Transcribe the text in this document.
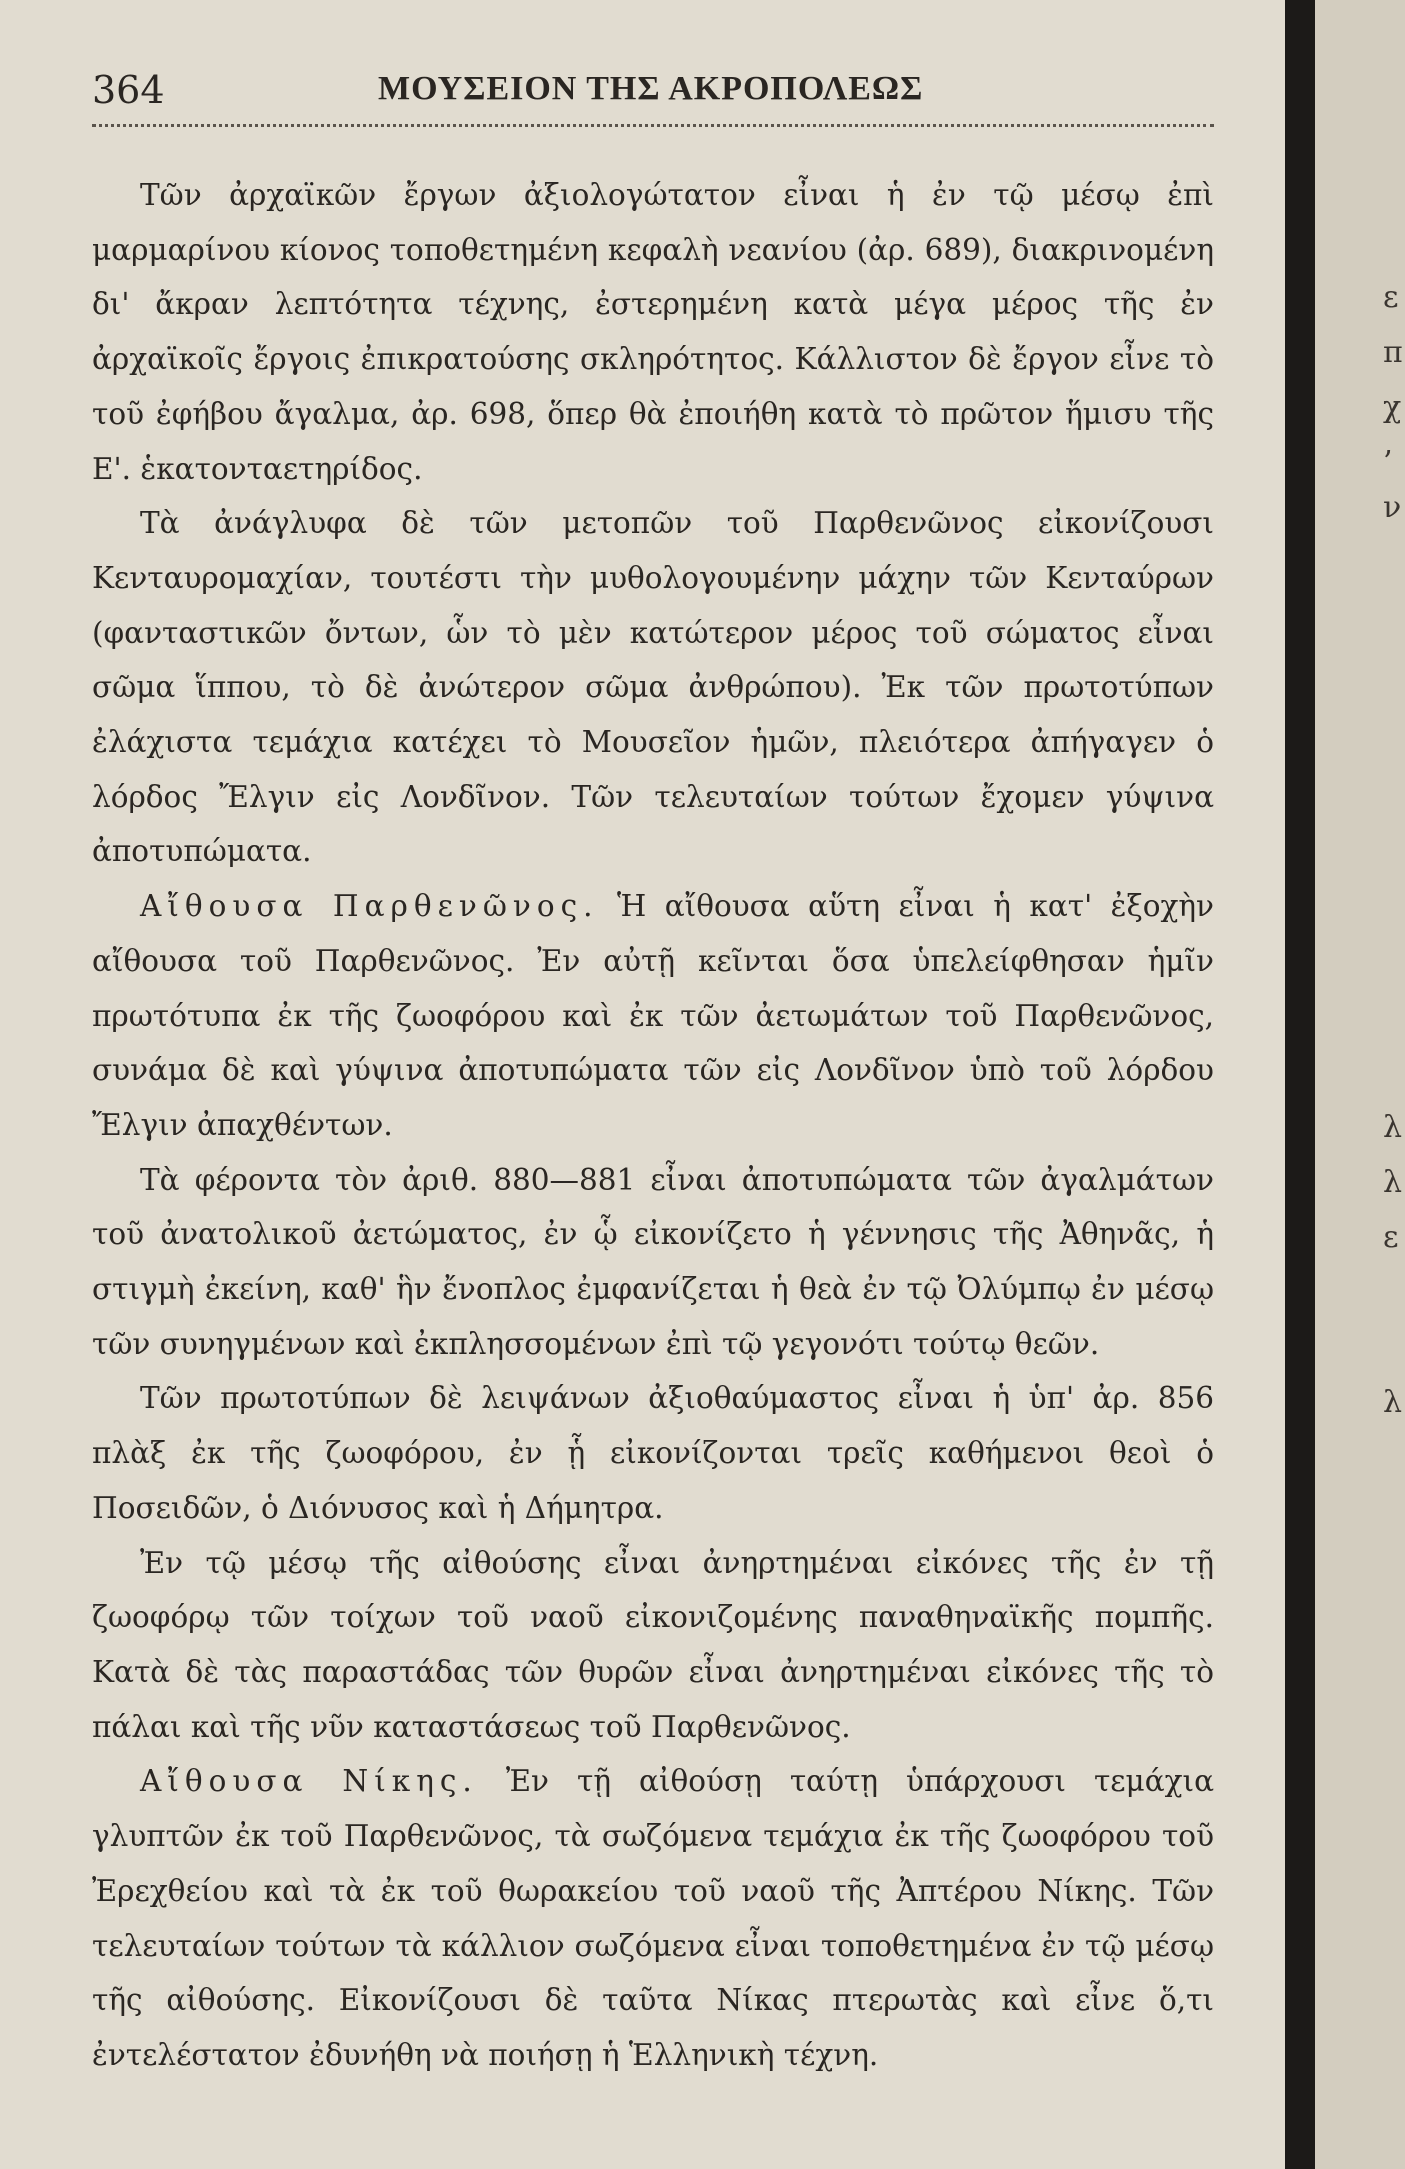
364	ΜΟΥΣΕΙΟΝ ΤΗΣ ΑΚΡΟΠΟΛΕΩΣ

Τῶν ἀρχαϊκῶν ἔργων ἀξιολογώτατον εἶναι ἡ ἐν τῷ μέσῳ ἐπὶ μαρμαρίνου κίονος τοποθετημένη κεφαλὴ νεανίου (ἀρ. 689), διακρινομένη δι' ἄκραν λεπτότητα τέχνης, ἐστερημένη κατὰ μέγα μέρος τῆς ἐν ἀρχαϊκοῖς ἔργοις ἐπικρατούσης σκληρότητος. Κάλλιστον δὲ ἔργον εἶνε τὸ τοῦ ἐφήβου ἄγαλμα, ἀρ. 698, ὅπερ θὰ ἐποιήθη κατὰ τὸ πρῶτον ἥμισυ τῆς Ε'. ἑκατονταετηρίδος.

Τὰ ἀνάγλυφα δὲ τῶν μετοπῶν τοῦ Παρθενῶνος εἰκονίζουσι Κενταυρομαχίαν, τουτέστι τὴν μυθολογουμένην μάχην τῶν Κενταύρων (φανταστικῶν ὄντων, ὧν τὸ μὲν κατώτερον μέρος τοῦ σώματος εἶναι σῶμα ἵππου, τὸ δὲ ἀνώτερον σῶμα ἀνθρώπου). Ἐκ τῶν πρωτοτύπων ἐλάχιστα τεμάχια κατέχει τὸ Μουσεῖον ἡμῶν, πλειότερα ἀπήγαγεν ὁ λόρδος Ἔλγιν εἰς Λονδῖνον. Τῶν τελευταίων τούτων ἔχομεν γύψινα ἀποτυπώματα.

Αἴθουσα Παρθενῶνος. Ἡ αἴθουσα αὕτη εἶναι ἡ κατ' ἐξοχὴν αἴθουσα τοῦ Παρθενῶνος. Ἐν αὐτῇ κεῖνται ὅσα ὑπελείφθησαν ἡμῖν πρωτότυπα ἐκ τῆς ζωοφόρου καὶ ἐκ τῶν ἀετωμάτων τοῦ Παρθενῶνος, συνάμα δὲ καὶ γύψινα ἀποτυπώματα τῶν εἰς Λονδῖνον ὑπὸ τοῦ λόρδου Ἔλγιν ἀπαχθέντων.

Τὰ φέροντα τὸν ἀριθ. 880—881 εἶναι ἀποτυπώματα τῶν ἀγαλμάτων τοῦ ἀνατολικοῦ ἀετώματος, ἐν ᾧ εἰκονίζετο ἡ γέννησις τῆς Ἀθηνᾶς, ἡ στιγμὴ ἐκείνη, καθ' ἣν ἔνοπλος ἐμφανίζεται ἡ θεὰ ἐν τῷ Ὀλύμπῳ ἐν μέσῳ τῶν συνηγμένων καὶ ἐκπλησσομένων ἐπὶ τῷ γεγονότι τούτῳ θεῶν.

Τῶν πρωτοτύπων δὲ λειψάνων ἀξιοθαύμαστος εἶναι ἡ ὑπ' ἀρ. 856 πλὰξ ἐκ τῆς ζωοφόρου, ἐν ᾗ εἰκονίζονται τρεῖς καθήμενοι θεοὶ ὁ Ποσειδῶν, ὁ Διόνυσος καὶ ἡ Δήμητρα.

Ἐν τῷ μέσῳ τῆς αἰθούσης εἶναι ἀνηρτημέναι εἰκόνες τῆς ἐν τῇ ζωοφόρῳ τῶν τοίχων τοῦ ναοῦ εἰκονιζομένης παναθηναϊκῆς πομπῆς. Κατὰ δὲ τὰς παραστάδας τῶν θυρῶν εἶναι ἀνηρτημέναι εἰκόνες τῆς τὸ πάλαι καὶ τῆς νῦν καταστάσεως τοῦ Παρθενῶνος.

Αἴθουσα Νίκης. Ἐν τῇ αἰθούσῃ ταύτῃ ὑπάρχουσι τεμάχια γλυπτῶν ἐκ τοῦ Παρθενῶνος, τὰ σωζόμενα τεμάχια ἐκ τῆς ζωοφόρου τοῦ Ἐρεχθείου καὶ τὰ ἐκ τοῦ θωρακείου τοῦ ναοῦ τῆς Ἀπτέρου Νίκης. Τῶν τελευταίων τούτων τὰ κάλλιον σωζόμενα εἶναι τοποθετημένα ἐν τῷ μέσῳ τῆς αἰθούσης. Εἰκονίζουσι δὲ ταῦτα Νίκας πτερωτὰς καὶ εἶνε ὅ,τι ἐντελέστατον ἐδυνήθη νὰ ποιήσῃ ἡ Ἑλληνικὴ τέχνη.

ε
π
χ
’
ν
λ
λ
ε
λ
